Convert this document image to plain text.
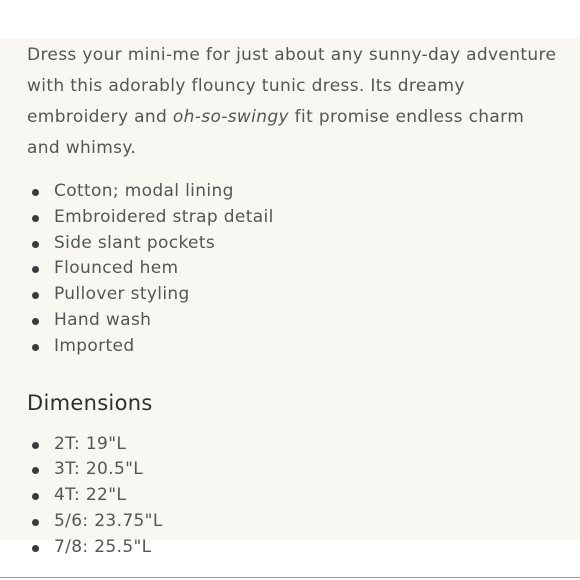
Dress your mini-me for just about any sunny-day adventure with this adorably flouncy tunic dress. Its dreamy embroidery and oh-so-swingy fit promise endless charm and whimsy.

Cotton; modal lining
Embroidered strap detail
Side slant pockets
Flounced hem
Pullover styling
Hand wash
Imported
Dimensions
2T: 19"L
3T: 20.5"L
4T: 22"L
5/6: 23.75"L
7/8: 25.5"L
